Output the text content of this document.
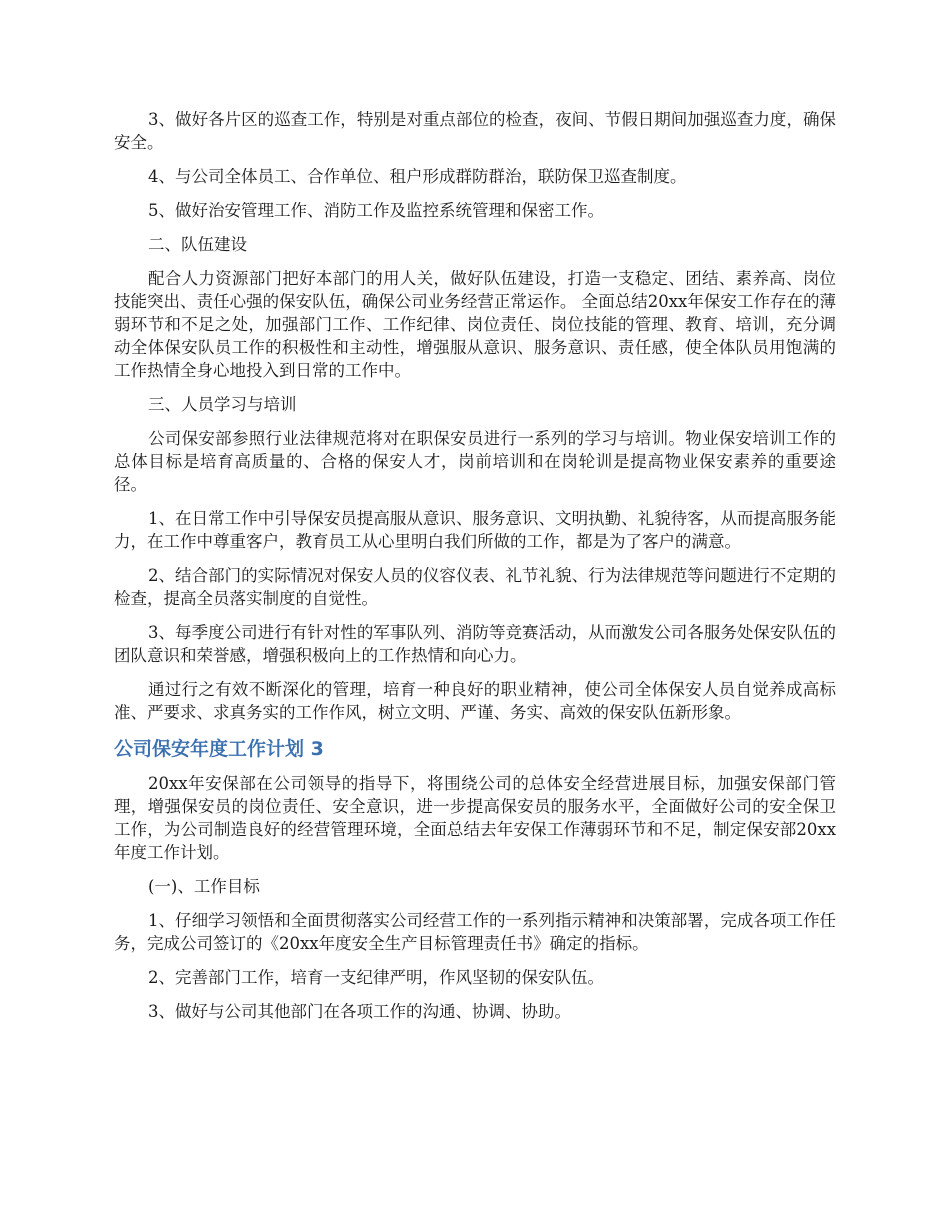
3、做好各片区的巡查工作，特别是对重点部位的检查，夜间、节假日期间加强巡查力度，确保安全。

4、与公司全体员工、合作单位、租户形成群防群治，联防保卫巡查制度。

5、做好治安管理工作、消防工作及监控系统管理和保密工作。

二、队伍建设

配合人力资源部门把好本部门的用人关，做好队伍建设，打造一支稳定、团结、素养高、岗位技能突出、责任心强的保安队伍，确保公司业务经营正常运作。 全面总结20xx年保安工作存在的薄弱环节和不足之处，加强部门工作、工作纪律、岗位责任、岗位技能的管理、教育、培训，充分调动全体保安队员工作的积极性和主动性，增强服从意识、服务意识、责任感，使全体队员用饱满的工作热情全身心地投入到日常的工作中。

三、人员学习与培训

公司保安部参照行业法律规范将对在职保安员进行一系列的学习与培训。物业保安培训工作的总体目标是培育高质量的、合格的保安人才，岗前培训和在岗轮训是提高物业保安素养的重要途径。

1、在日常工作中引导保安员提高服从意识、服务意识、文明执勤、礼貌待客，从而提高服务能力，在工作中尊重客户，教育员工从心里明白我们所做的工作，都是为了客户的满意。

2、结合部门的实际情况对保安人员的仪容仪表、礼节礼貌、行为法律规范等问题进行不定期的检查，提高全员落实制度的自觉性。

3、每季度公司进行有针对性的军事队列、消防等竞赛活动，从而激发公司各服务处保安队伍的团队意识和荣誉感，增强积极向上的工作热情和向心力。

通过行之有效不断深化的管理，培育一种良好的职业精神，使公司全体保安人员自觉养成高标准、严要求、求真务实的工作作风，树立文明、严谨、务实、高效的保安队伍新形象。

公司保安年度工作计划 3

20xx年安保部在公司领导的指导下，将围绕公司的总体安全经营进展目标，加强安保部门管理，增强保安员的岗位责任、安全意识，进一步提高保安员的服务水平，全面做好公司的安全保卫工作，为公司制造良好的经营管理环境，全面总结去年安保工作薄弱环节和不足，制定保安部20xx年度工作计划。

(一)、工作目标

1、仔细学习领悟和全面贯彻落实公司经营工作的一系列指示精神和决策部署，完成各项工作任务，完成公司签订的《20xx年度安全生产目标管理责任书》确定的指标。

2、完善部门工作，培育一支纪律严明，作风坚韧的保安队伍。

3、做好与公司其他部门在各项工作的沟通、协调、协助。
